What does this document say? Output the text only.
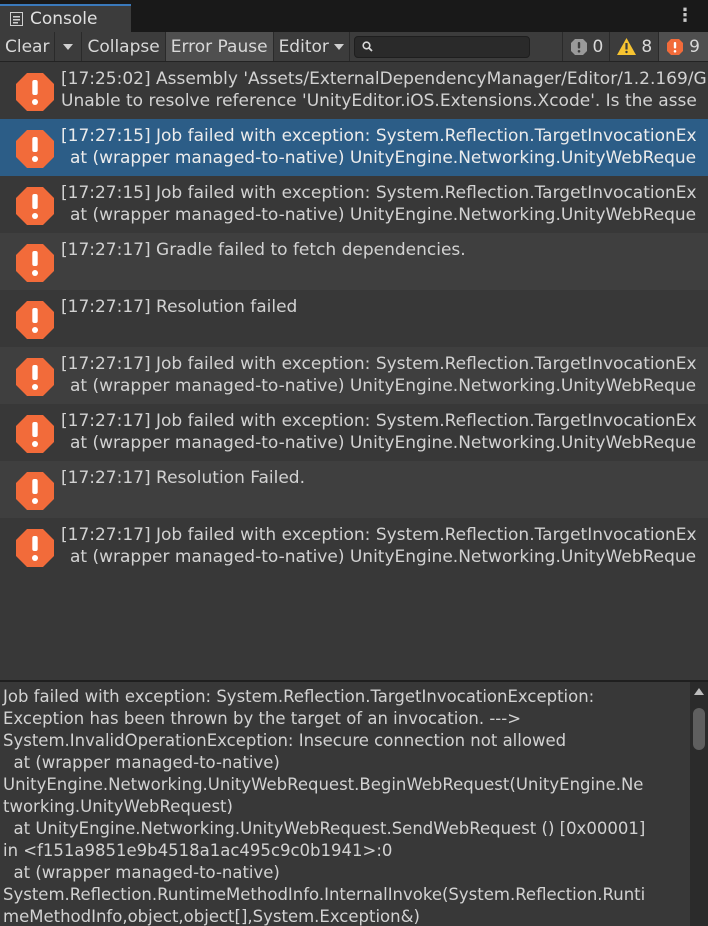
Console	⋮
Clear Collapse Error Pause Editor	0 8 9
[17:25:02] Assembly 'Assets/ExternalDependencyManager/Editor/1.2.169/G
Unable to resolve reference 'UnityEditor.iOS.Extensions.Xcode'. Is the asse
[17:27:15] Job failed with exception: System.Reflection.TargetInvocationEx
at (wrapper managed-to-native) UnityEngine.Networking.UnityWebReque
[17:27:15] Job failed with exception: System.Reflection.TargetInvocationEx
at (wrapper managed-to-native) UnityEngine.Networking.UnityWebReque
[17:27:17] Gradle failed to fetch dependencies.
[17:27:17] Resolution failed
[17:27:17] Job failed with exception: System.Reflection.TargetInvocationEx
at (wrapper managed-to-native) UnityEngine.Networking.UnityWebReque
[17:27:17] Job failed with exception: System.Reflection.TargetInvocationEx
at (wrapper managed-to-native) UnityEngine.Networking.UnityWebReque
[17:27:17] Resolution Failed.
[17:27:17] Job failed with exception: System.Reflection.TargetInvocationEx
at (wrapper managed-to-native) UnityEngine.Networking.UnityWebReque
Job failed with exception: System.Reflection.TargetInvocationException:
Exception has been thrown by the target of an invocation. --->
System.InvalidOperationException: Insecure connection not allowed
at (wrapper managed-to-native)
UnityEngine.Networking.UnityWebRequest.BeginWebRequest(UnityEngine.Ne
tworking.UnityWebRequest)
at UnityEngine.Networking.UnityWebRequest.SendWebRequest () [0x00001]
in <f151a9851e9b4518a1ac495c9c0b1941>:0
at (wrapper managed-to-native)
System.Reflection.RuntimeMethodInfo.InternalInvoke(System.Reflection.Runti
meMethodInfo,object,object[],System.Exception&)
